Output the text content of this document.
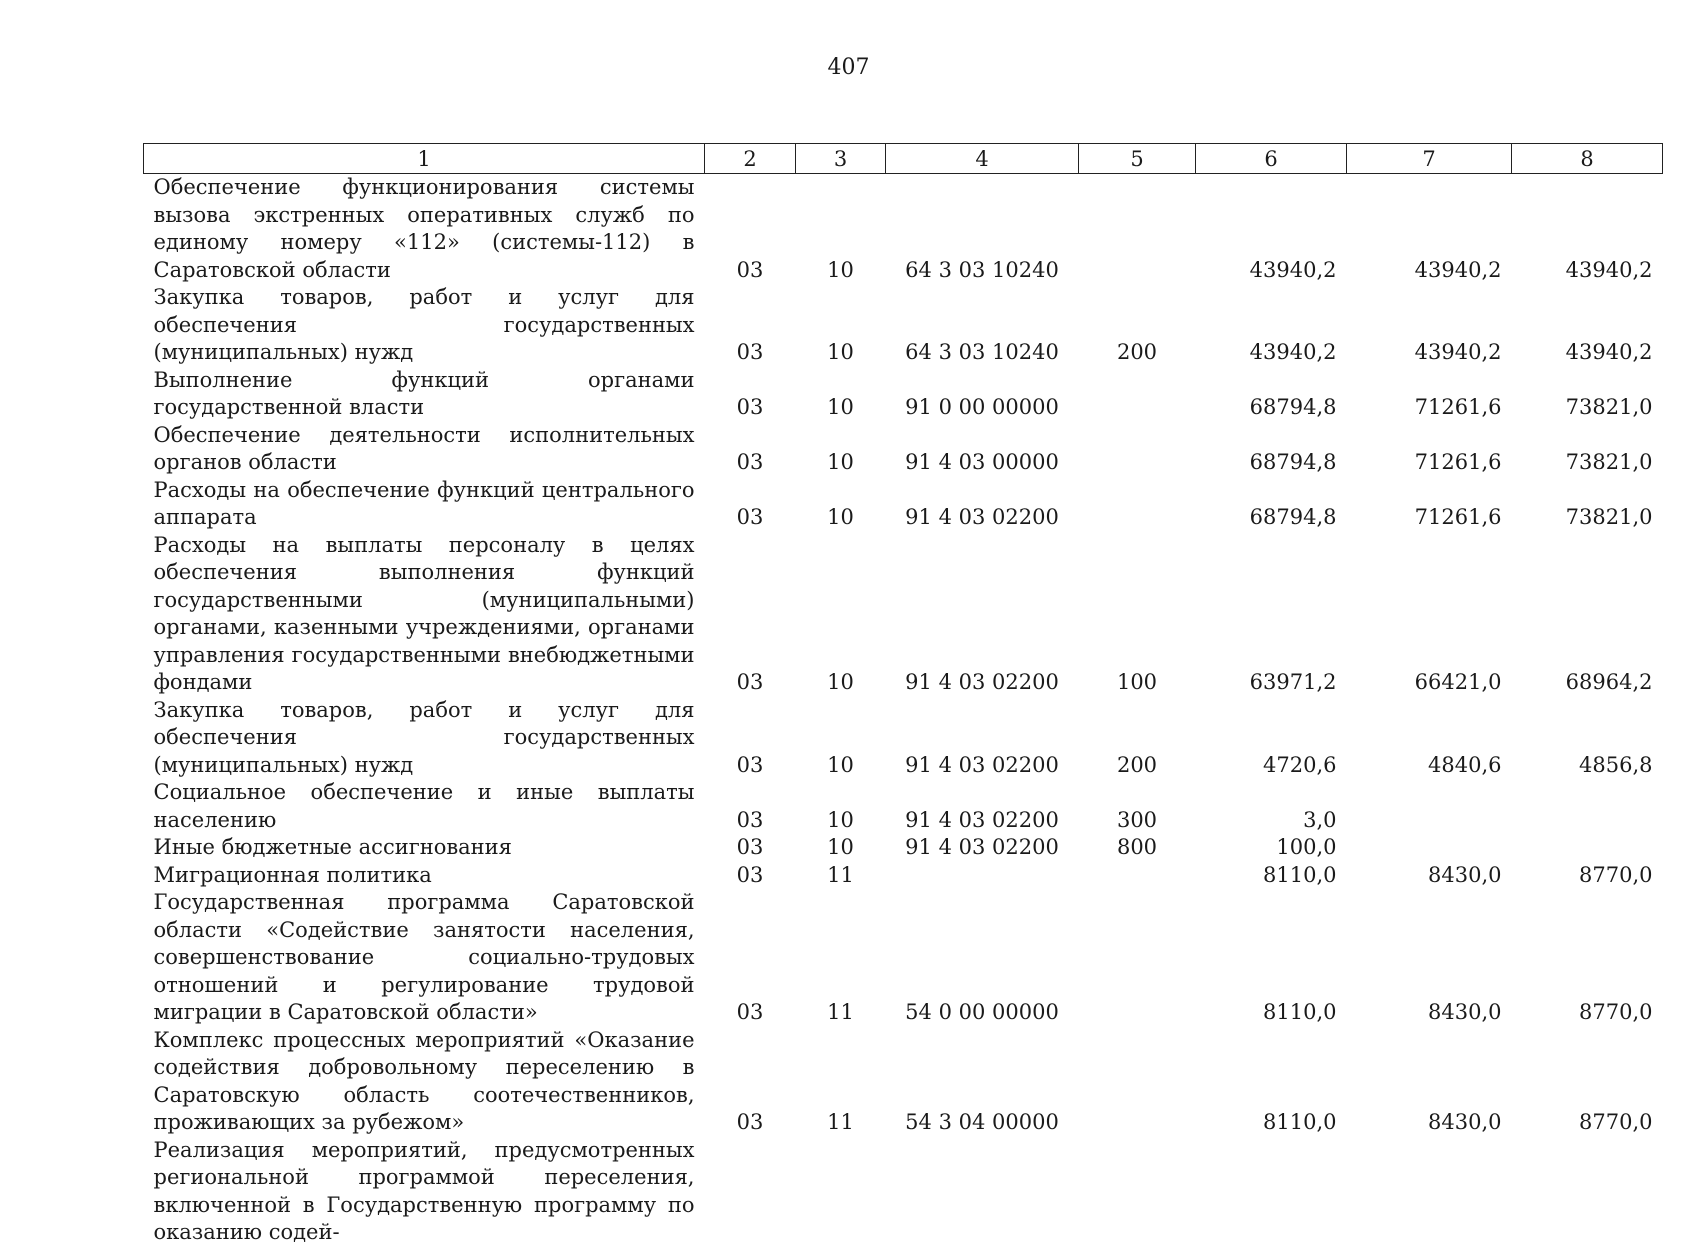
407
1	2	3	4	5	6	7	8
Обеспечение функционирования системы вызова экстренных оперативных служб по единому номеру «112» (системы-112) в Саратовской области	03	10	64 3 03 10240		43940,2	43940,2	43940,2
Закупка товаров, работ и услуг для обеспечения государственных (муниципальных) нужд	03	10	64 3 03 10240	200	43940,2	43940,2	43940,2
Выполнение функций органами государственной власти	03	10	91 0 00 00000		68794,8	71261,6	73821,0
Обеспечение деятельности исполнительных органов области	03	10	91 4 03 00000		68794,8	71261,6	73821,0
Расходы на обеспечение функций центрального аппарата	03	10	91 4 03 02200		68794,8	71261,6	73821,0
Расходы на выплаты персоналу в целях обеспечения выполнения функций государственными (муниципальными) органами, казенными учреждениями, органами управления государственными внебюджетными фондами	03	10	91 4 03 02200	100	63971,2	66421,0	68964,2
Закупка товаров, работ и услуг для обеспечения государственных (муниципальных) нужд	03	10	91 4 03 02200	200	4720,6	4840,6	4856,8
Социальное обеспечение и иные выплаты населению	03	10	91 4 03 02200	300	3,0		
Иные бюджетные ассигнования	03	10	91 4 03 02200	800	100,0		
Миграционная политика	03	11			8110,0	8430,0	8770,0
Государственная программа Саратовской области «Содействие занятости населения, совершенствование социально-трудовых отношений и регулирование трудовой миграции в Саратовской области»	03	11	54 0 00 00000		8110,0	8430,0	8770,0
Комплекс процессных мероприятий «Оказание содействия добровольному переселению в Саратовскую область соотечественников, проживающих за рубежом»	03	11	54 3 04 00000		8110,0	8430,0	8770,0
Реализация мероприятий, предусмотренных региональной программой переселения, включенной в Государственную программу по оказанию содей-							
